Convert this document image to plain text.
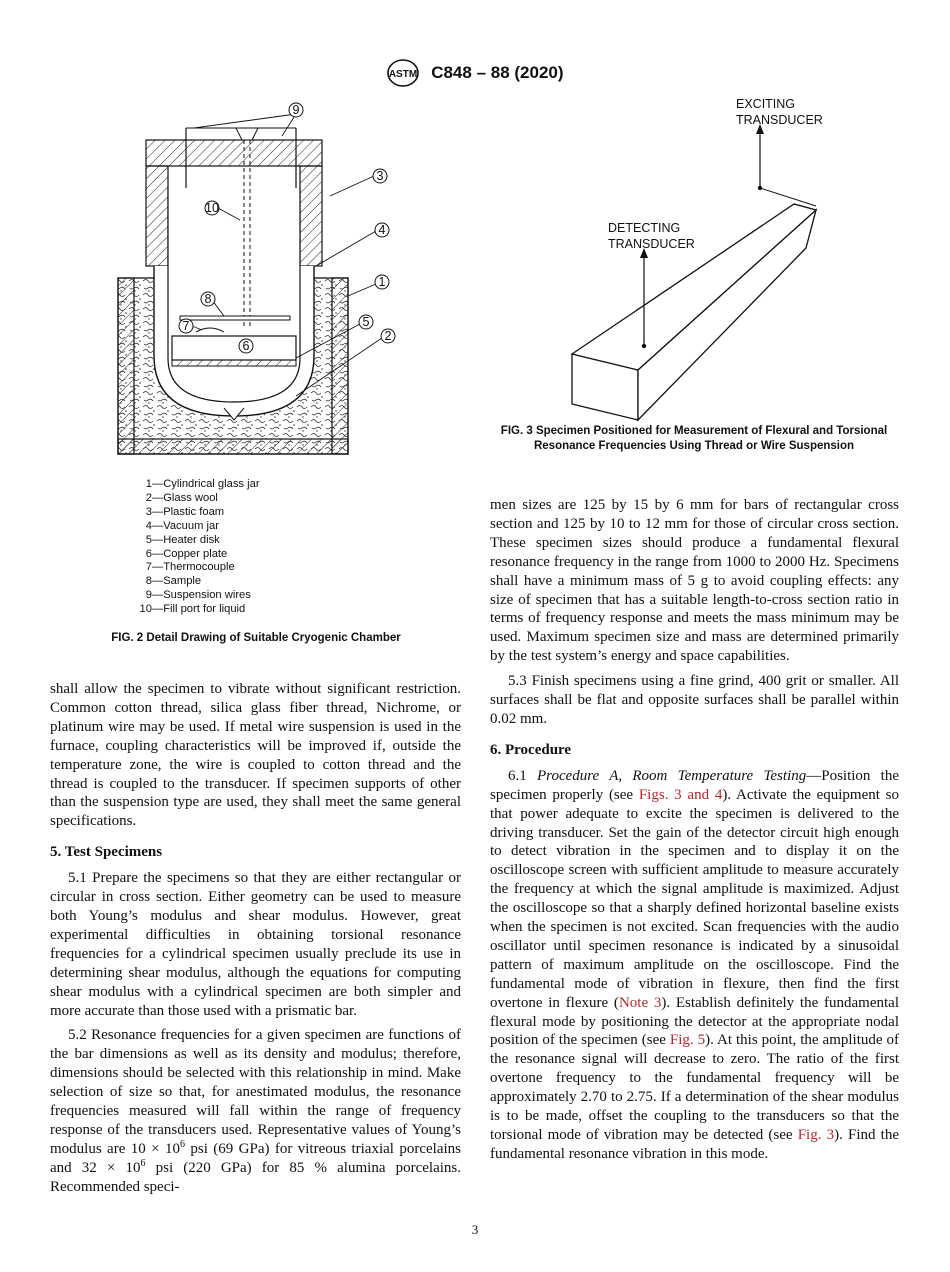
ASTM C848 – 88 (2020)
9
3
4
1
5
2
10
8
7
6
1—Cylindrical glass jar
2—Glass wool
3—Plastic foam
4—Vacuum jar
5—Heater disk
6—Copper plate
7—Thermocouple
8—Sample
9—Suspension wires
10—Fill port for liquid
FIG. 2 Detail Drawing of Suitable Cryogenic Chamber
EXCITING
TRANSDUCER
DETECTING
TRANSDUCER
FIG. 3 Specimen Positioned for Measurement of Flexural and Torsional Resonance Frequencies Using Thread or Wire Suspension

shall allow the specimen to vibrate without significant restriction. Common cotton thread, silica glass fiber thread, Nichrome, or platinum wire may be used. If metal wire suspension is used in the furnace, coupling characteristics will be improved if, outside the temperature zone, the wire is coupled to cotton thread and the thread is coupled to the transducer. If specimen supports of other than the suspension type are used, they shall meet the same general specifications.

5. Test Specimens

5.1 Prepare the specimens so that they are either rectangular or circular in cross section. Either geometry can be used to measure both Young’s modulus and shear modulus. However, great experimental difficulties in obtaining torsional resonance frequencies for a cylindrical specimen usually preclude its use in determining shear modulus, although the equations for computing shear modulus with a cylindrical specimen are both simpler and more accurate than those used with a prismatic bar.

5.2 Resonance frequencies for a given specimen are functions of the bar dimensions as well as its density and modulus; therefore, dimensions should be selected with this relationship in mind. Make selection of size so that, for anestimated modulus, the resonance frequencies measured will fall within the range of frequency response of the transducers used. Representative values of Young’s modulus are $10 \times 10^6$ psi (69 GPa) for vitreous triaxial porcelains and $32 \times 10^6$ psi (220 GPa) for 85 % alumina porcelains. Recommended speci-

men sizes are 125 by 15 by 6 mm for bars of rectangular cross section and 125 by 10 to 12 mm for those of circular cross section. These specimen sizes should produce a fundamental flexural resonance frequency in the range from 1000 to 2000 Hz. Specimens shall have a minimum mass of 5 g to avoid coupling effects: any size of specimen that has a suitable length-to-cross section ratio in terms of frequency response and meets the mass minimum may be used. Maximum specimen size and mass are determined primarily by the test system’s energy and space capabilities.

5.3 Finish specimens using a fine grind, 400 grit or smaller. All surfaces shall be flat and opposite surfaces shall be parallel within 0.02 mm.

6. Procedure

6.1 Procedure A, Room Temperature Testing—Position the specimen properly (see Figs. 3 and 4). Activate the equipment so that power adequate to excite the specimen is delivered to the driving transducer. Set the gain of the detector circuit high enough to detect vibration in the specimen and to display it on the oscilloscope screen with sufficient amplitude to measure accurately the frequency at which the signal amplitude is maximized. Adjust the oscilloscope so that a sharply defined horizontal baseline exists when the specimen is not excited. Scan frequencies with the audio oscillator until specimen resonance is indicated by a sinusoidal pattern of maximum amplitude on the oscilloscope. Find the fundamental mode of vibration in flexure, then find the first overtone in flexure (Note 3). Establish definitely the fundamental flexural mode by positioning the detector at the appropriate nodal position of the specimen (see Fig. 5). At this point, the amplitude of the resonance signal will decrease to zero. The ratio of the first overtone frequency to the fundamental frequency will be approximately 2.70 to 2.75. If a determination of the shear modulus is to be made, offset the coupling to the transducers so that the torsional mode of vibration may be detected (see Fig. 3). Find the fundamental resonance vibration in this mode.

3
